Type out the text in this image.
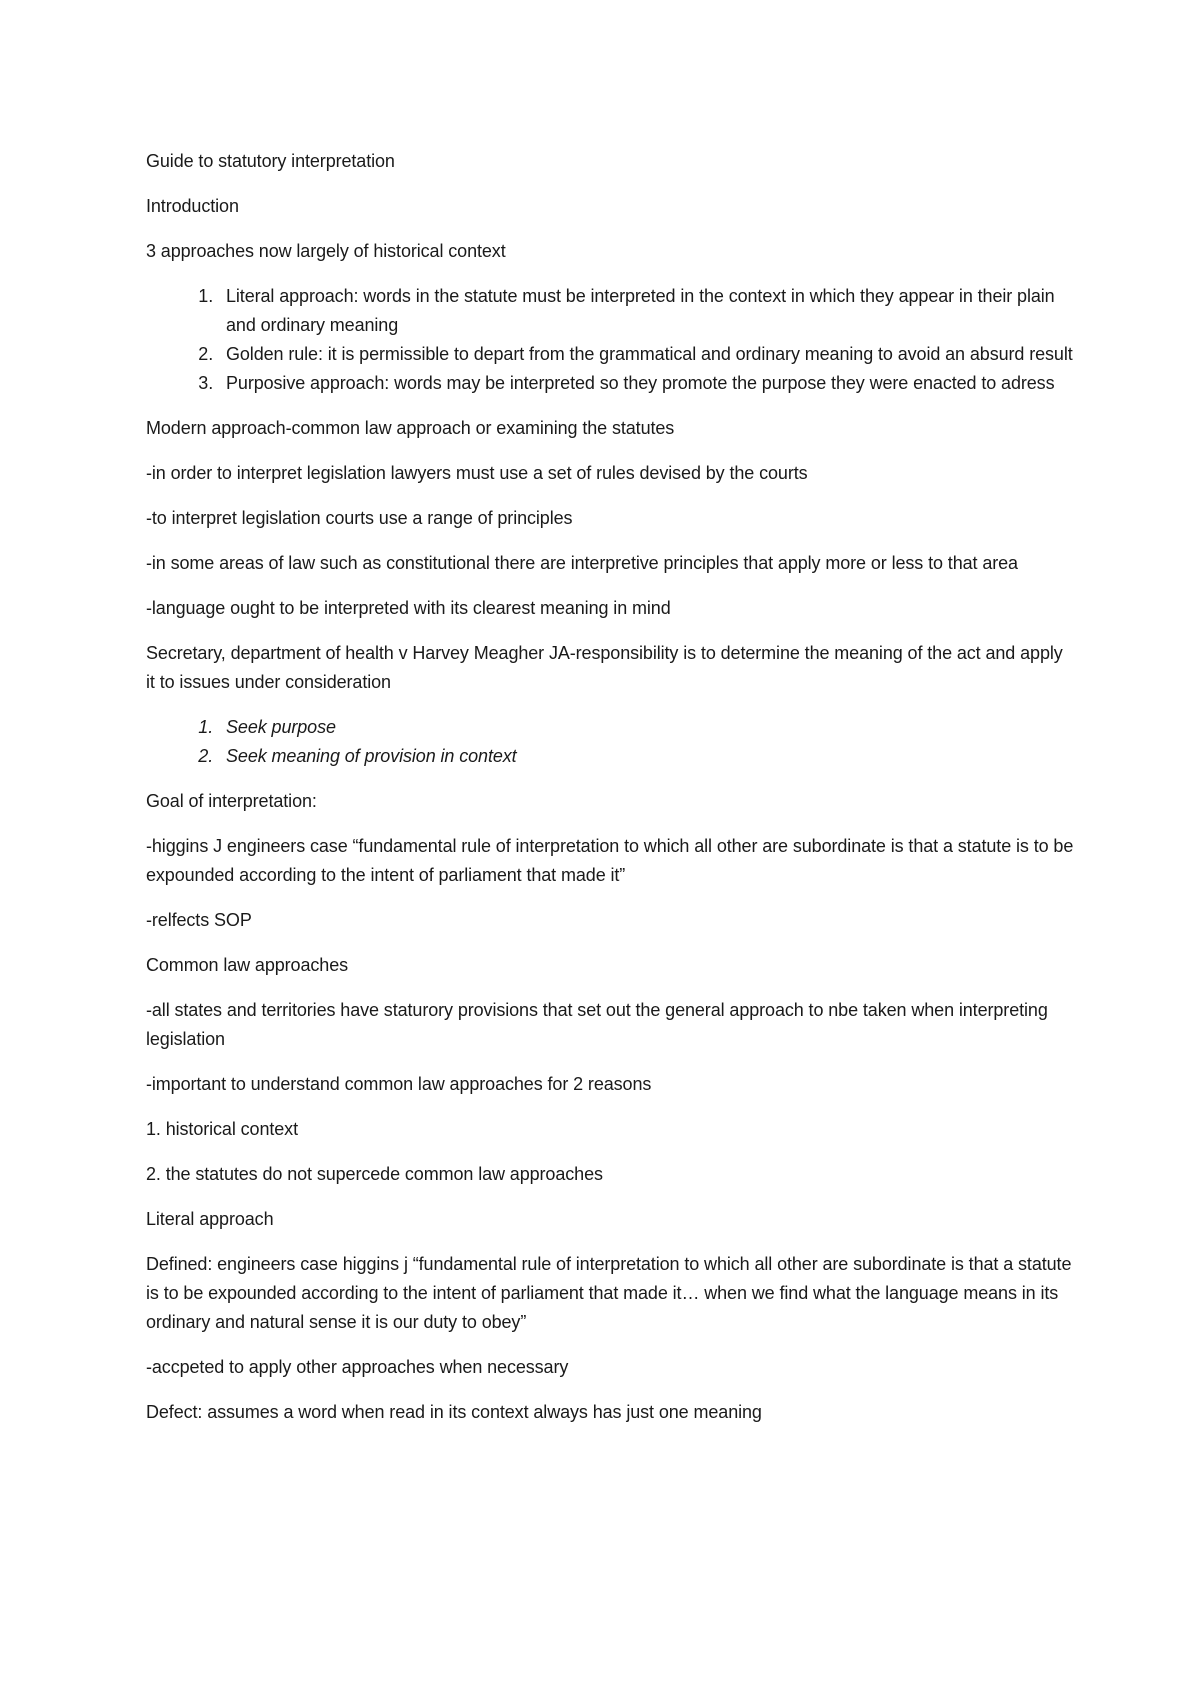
Guide to statutory interpretation

Introduction

3 approaches now largely of historical context

1. Literal approach: words in the statute must be interpreted in the context in which they appear in their plain and ordinary meaning
2. Golden rule: it is permissible to depart from the grammatical and ordinary meaning to avoid an absurd result
3. Purposive approach: words may be interpreted so they promote the purpose they were enacted to adress

Modern approach-common law approach or examining the statutes

-in order to interpret legislation lawyers must use a set of rules devised by the courts

-to interpret legislation courts use a range of principles

-in some areas of law such as constitutional there are interpretive principles that apply more or less to that area

-language ought to be interpreted with its clearest meaning in mind

Secretary, department of health v Harvey Meagher JA-responsibility is to determine the meaning of the act and apply it to issues under consideration

1. Seek purpose
2. Seek meaning of provision in context

Goal of interpretation:

-higgins J engineers case “fundamental rule of interpretation to which all other are subordinate is that a statute is to be expounded according to the intent of parliament that made it”

-relfects SOP

Common law approaches

-all states and territories have staturory provisions that set out the general approach to nbe taken when interpreting legislation

-important to understand common law approaches for 2 reasons

1. historical context

2. the statutes do not supercede common law approaches

Literal approach

Defined: engineers case higgins j “fundamental rule of interpretation to which all other are subordinate is that a statute is to be expounded according to the intent of parliament that made it… when we find what the language means in its ordinary and natural sense it is our duty to obey”

-accpeted to apply other approaches when necessary

Defect: assumes a word when read in its context always has just one meaning
